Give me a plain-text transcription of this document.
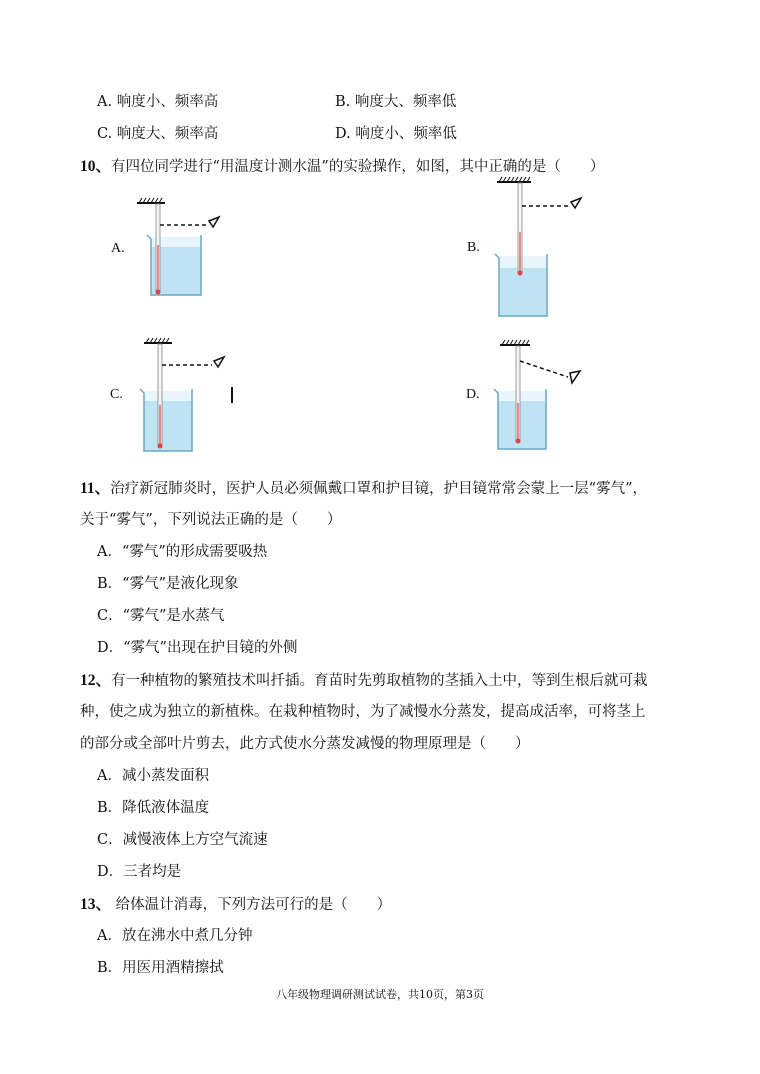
A. 响度小、频率高	B. 响度大、频率低
C. 响度大、频率高	D. 响度小、频率低
10、有四位同学进行“用温度计测水温”的实验操作，如图，其中正确的是（　　）
A.	B.
C.	D.
11、治疗新冠肺炎时，医护人员必须佩戴口罩和护目镜，护目镜常常会蒙上一层“雾气”，
关于“雾气”，下列说法正确的是（　　）
A．“雾气”的形成需要吸热
B．“雾气”是液化现象
C．“雾气”是水蒸气
D．“雾气”出现在护目镜的外侧
12、有一种植物的繁殖技术叫扦插。育苗时先剪取植物的茎插入土中，等到生根后就可栽
种，使之成为独立的新植株。在栽种植物时，为了减慢水分蒸发，提高成活率，可将茎上
的部分或全部叶片剪去，此方式使水分蒸发减慢的物理原理是（　　）
A．减小蒸发面积
B．降低液体温度
C．减慢液体上方空气流速
D．三者均是
13、 给体温计消毒，下列方法可行的是（　　）
A．放在沸水中煮几分钟
B．用医用酒精擦拭
八年级物理调研测试试卷，共10页，第3页
